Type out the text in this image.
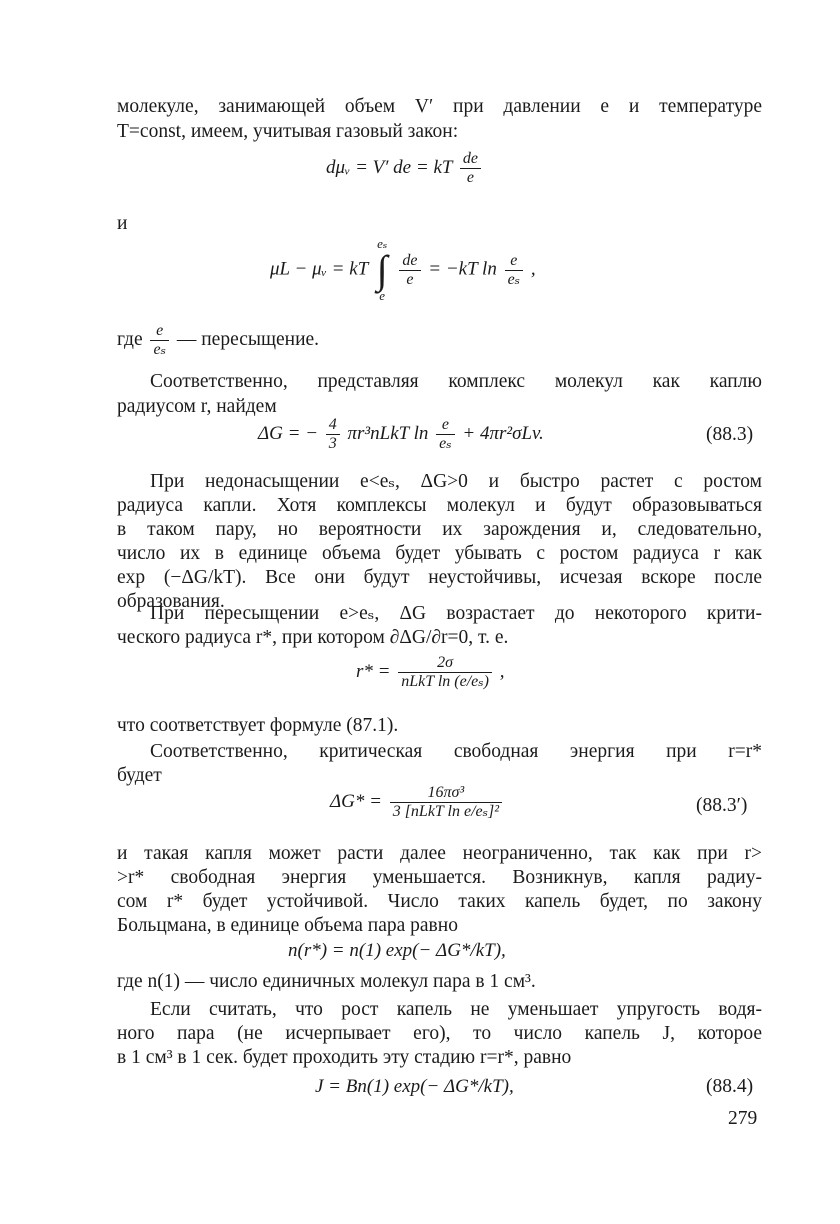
молекуле, занимающей объем V′ при давлении e и температуре
T=const, имеем, учитывая газовый закон:
dμᵥ = V′ de = kT $\frac{de}{e}$
и
μL − μᵥ = kT
eₛ
∫
e

$\frac{de}{e} = -kT$ $\ln \frac{e}{\text{eₛ}}$ ,
где $\frac{e}{\text{eₛ}}$ — пересыщение.
Соответственно, представляя комплекс молекул как каплю
радиусом r, найдем
ΔG = − $\frac{4}{3}$ πr³nLkT $\ln \frac{e}{\text{eₛ}} + 4\pi r^2\sigma Lv$.	(88.3)
При недонасыщении e<eₛ, ΔG>0 и быстро растет с ростом
радиуса капли. Хотя комплексы молекул и будут образовываться
в таком пару, но вероятности их зарождения и, следовательно,
число их в единице объема будет убывать с ростом радиуса r как
exp (−ΔG/kT). Все они будут неустойчивы, исчезая вскоре после
образования.
При пересыщении e>eₛ, ΔG возрастает до некоторого крити-
ческого радиуса r*, при котором ∂ΔG/∂r=0, т. е.
$r* = \frac{2\sigma}{\text{nLkT ln (e/eₛ)}}$ ,
что соответствует формуле (87.1).
Соответственно, критическая свободная энергия при r=r*
будет
$\Delta G* = \frac{\text{16πσ³}}{\text{3 [nLkT ln e/eₛ]²}}$	(88.3′)
и такая капля может расти далее неограниченно, так как при r>
>r* свободная энергия уменьшается. Возникнув, капля радиу-
сом r* будет устойчивой. Число таких капель будет, по закону
Больцмана, в единице объема пара равно
n(r*) = n(1) exp(− ΔG*/kT),
где n(1) — число единичных молекул пара в 1 см³.
Если считать, что рост капель не уменьшает упругость водя-
ного пара (не исчерпывает его), то число капель J, которое
в 1 см³ в 1 сек. будет проходить эту стадию r=r*, равно
J = Bn(1) exp(− ΔG*/kT),	(88.4)
279
